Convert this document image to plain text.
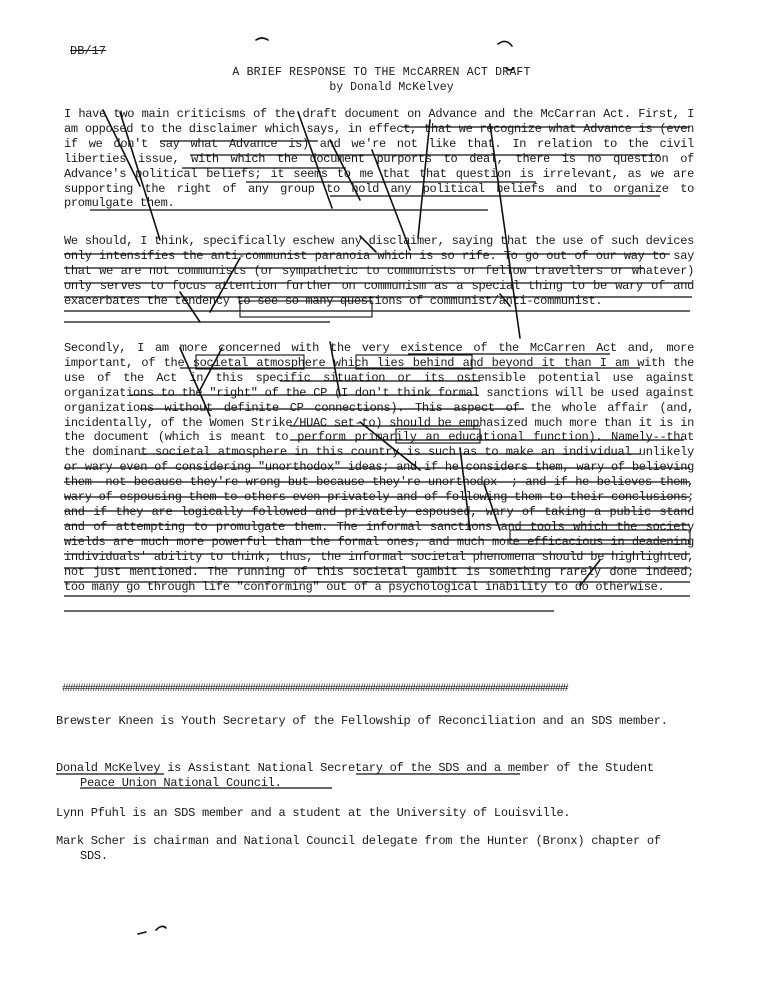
DB/17
A BRIEF RESPONSE TO THE McCARREN ACT DRAFT
by Donald McKelvey
I have two main criticisms of the draft document on Advance and the McCarran Act. First, I am opposed to the disclaimer which says, in effect, that we recognize what Advance is (even if we don't say what Advance is) and we're not like that. In relation to the civil liberties issue, with which the document purports to deal, there is no question of Advance's political beliefs; it seems to me that that question is irrelevant, as we are supporting the right of any group to hold any political beliefs and to organize to promulgate them.
We should, I think, specifically eschew any disclaimer, saying that the use of such devices only intensifies the anti-communist paranoia which is so rife. To go out of our way to say that we are not communists (or sympathetic to communists or fellow travellers or whatever) only serves to focus attention further on communism as a special thing to be wary of and exacerbates the tendency to see so many questions of communist/anti-communist.
Secondly, I am more concerned with the very existence of the McCarren Act and, more important, of the societal atmosphere which lies behind and beyond it than I am with the use of the Act in this specific situation or its ostensible potential use against organizations to the "right" of the CP (I don't think formal sanctions will be used against organizations without definite CP connections). This aspect of the whole affair (and, incidentally, of the Women Strike/HUAC set-to) should be emphasized much more than it is in the document (which is meant to perform primarily an educational function). Namely--that the dominant societal atmosphere in this country is such as to make an individual unlikely or wary even of considering "unorthodox" ideas; and if he considers them, wary of believing them--not because they're wrong but because they're unorthodox--; and if he believes them, wary of espousing them to others even privately and of following them to their conclusions; and if they are logically followed and privately espoused, wary of taking a public stand and of attempting to promulgate them. The informal sanctions and tools which the society wields are much more powerful than the formal ones, and much more efficacious in deadening individuals' ability to think; thus, the informal societal phenomena should be highlighted, not just mentioned. The running of this societal gambit is something rarely done indeed; too many go through life "conforming" out of a psychological inability to do otherwise.
#####################################################################################################
Brewster Kneen is Youth Secretary of the Fellowship of Reconciliation and an SDS member.
Donald McKelvey is Assistant National Secretary of the SDS and a member of the Student Peace Union National Council.
Lynn Pfuhl is an SDS member and a student at the University of Louisville.
Mark Scher is chairman and National Council delegate from the Hunter (Bronx) chapter of SDS.
